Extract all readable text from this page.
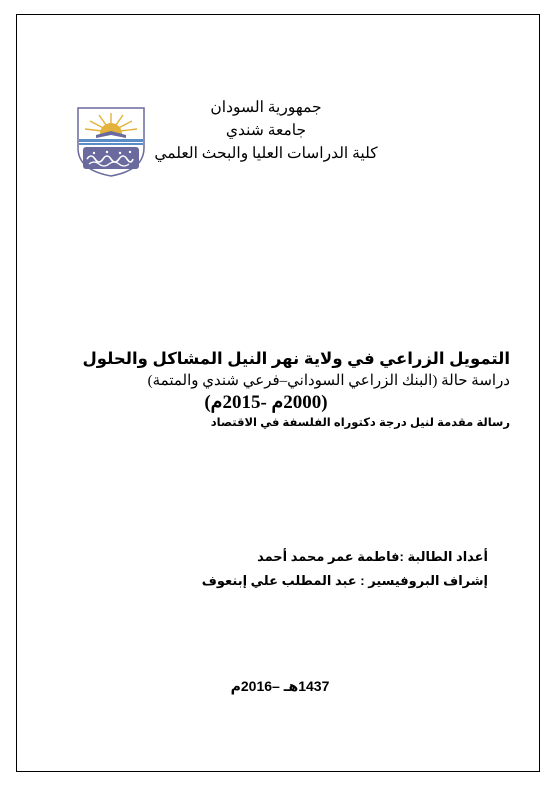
جمهورية السودان
جامعة شندي
كلية الدراسات العليا والبحث العلمي
التمويل الزراعي في ولاية نهر النيل المشاكل والحلول
دراسة حالة (البنك الزراعي السوداني–فرعي شندي والمتمة)
(2000م -2015م)
رسالة مقدمة لنيل درجة دكتوراه الفلسفة في الاقتصاد
أعداد الطالبة :فاطمة عمر محمد أحمد
إشراف البروفيسير : عبد المطلب علي إبنعوف
1437هـ –2016م
